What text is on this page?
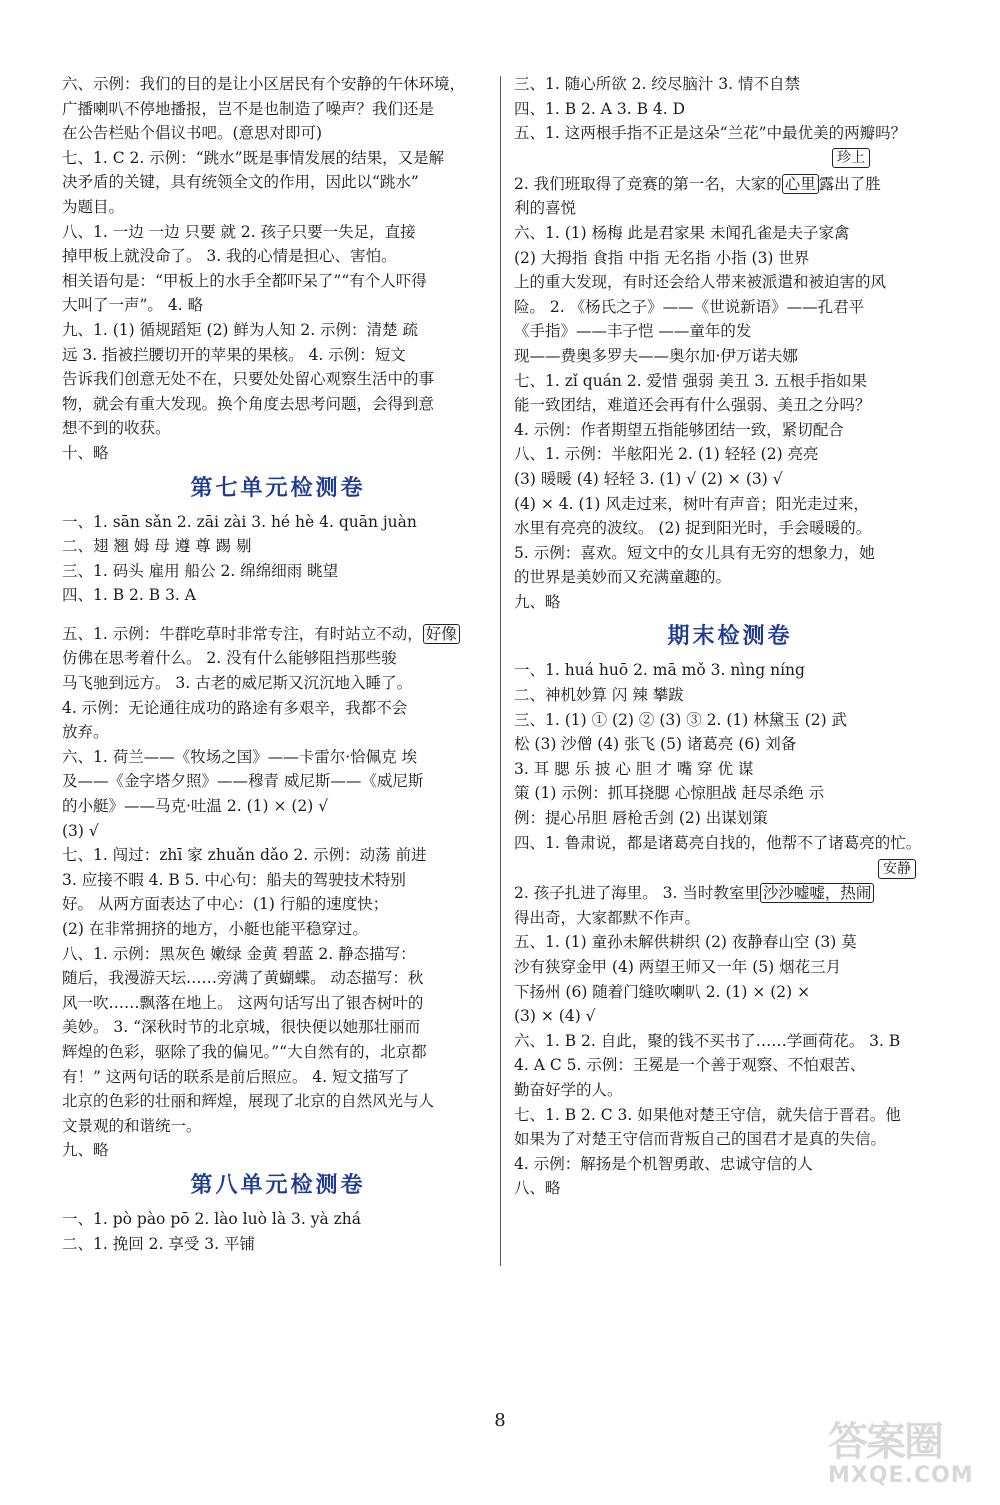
六、示例：我们的目的是让小区居民有个安静的午休环境，
广播喇叭不停地播报，岂不是也制造了噪声？我们还是
在公告栏贴个倡议书吧。(意思对即可)
七、1. C 2. 示例：“跳水”既是事情发展的结果，又是解
决矛盾的关键，具有统领全文的作用，因此以“跳水”
为题目。
八、1. 一边 一边 只要 就 2. 孩子只要一失足，直接
掉甲板上就没命了。 3. 我的心情是担心、害怕。
相关语句是：“甲板上的水手全都吓呆了”“有个人吓得
大叫了一声”。 4. 略
九、1. (1) 循规蹈矩 (2) 鲜为人知 2. 示例：清楚 疏
远 3. 指被拦腰切开的苹果的果核。 4. 示例：短文
告诉我们创意无处不在，只要处处留心观察生活中的事
物，就会有重大发现。换个角度去思考问题，会得到意
想不到的收获。
十、略
第七单元检测卷
一、1. sān sǎn 2. zāi zài 3. hé hè 4. quān juàn
二、翅 翘 姆 母 遵 尊 踢 剔
三、1. 码头 雇用 船公 2. 绵绵细雨 眺望
四、1. B 2. B 3. A
五、1. 示例：牛群吃草时非常专注，有时站立不动， 好像
仿佛在思考着什么。 2. 没有什么能够阻挡那些骏
马飞驰到远方。 3. 古老的威尼斯又沉沉地入睡了。
4. 示例：无论通往成功的路途有多艰辛，我都不会
放弃。
六、1. 荷兰——《牧场之国》——卡雷尔·恰佩克 埃
及——《金字塔夕照》——穆青 威尼斯——《威尼斯
的小艇》——马克·吐温 2. (1) × (2) √
(3) √
七、1. 闯过：zhī 家 zhuǎn dǎo 2. 示例：动荡 前进
3. 应接不暇 4. B 5. 中心句：船夫的驾驶技术特别
好。 从两方面表达了中心：(1) 行船的速度快；
(2) 在非常拥挤的地方，小艇也能平稳穿过。
八、1. 示例：黑灰色 嫩绿 金黄 碧蓝 2. 静态描写：
随后，我漫游天坛……旁满了黄蝴蝶。 动态描写：秋
风一吹……飘落在地上。 这两句话写出了银杏树叶的
美妙。 3. “深秋时节的北京城，很快便以她那壮丽而
辉煌的色彩，驱除了我的偏见。”“大自然有的，北京都
有！” 这两句话的联系是前后照应。 4. 短文描写了
北京的色彩的壮丽和辉煌，展现了北京的自然风光与人
文景观的和谐统一。
九、略
第八单元检测卷
一、1. pò pào pō 2. lào luò là 3. yà zhá
二、1. 挽回 2. 享受 3. 平铺
三、1. 随心所欲 2. 绞尽脑汁 3. 情不自禁
四、1. B 2. A 3. B 4. D
五、1. 这两根手指不正是这朵“兰花”中最优美的两瓣吗？
珍上
2. 我们班取得了竞赛的第一名，大家的 心里 露出了胜
利的喜悦
六、1. (1) 杨梅 此是君家果 未闻孔雀是夫子家禽
(2) 大拇指 食指 中指 无名指 小指 (3) 世界
上的重大发现，有时还会给人带来被派遣和被迫害的风
险。 2. 《杨氏之子》——《世说新语》——孔君平
《手指》——丰子恺 ——童年的发
现——费奥多罗夫——奥尔加·伊万诺夫娜
七、1. zǐ quán 2. 爱惜 强弱 美丑 3. 五根手指如果
能一致团结，难道还会再有什么强弱、美丑之分吗？
4. 示例：作者期望五指能够团结一致，紧切配合
八、1. 示例：半舷阳光 2. (1) 轻轻 (2) 亮亮
(3) 暖暖 (4) 轻轻 3. (1) √ (2) × (3) √
(4) × 4. (1) 风走过来，树叶有声音；阳光走过来，
水里有亮亮的波纹。 (2) 捉到阳光时，手会暖暖的。
5. 示例：喜欢。短文中的女儿具有无穷的想象力，她
的世界是美妙而又充满童趣的。
九、略
期末检测卷
一、1. huá huō 2. mā mǒ 3. nìng níng
二、神机妙算 闪 辣 攀跋
三、1. (1) ① (2) ② (3) ③ 2. (1) 林黛玉 (2) 武
松 (3) 沙僧 (4) 张飞 (5) 诸葛亮 (6) 刘备
3. 耳 腮 乐 披 心 胆 才 嘴 穿 优 谋
策 (1) 示例：抓耳挠腮 心惊胆战 赶尽杀绝 示
例：提心吊胆 唇枪舌剑 (2) 出谋划策
四、1. 鲁肃说，都是诸葛亮自找的，他帮不了诸葛亮的忙。
安静
2. 孩子扎进了海里。 3. 当时教室里 沙沙嘘嘘，热闹
得出奇，大家都默不作声。
五、1. (1) 童孙未解供耕织 (2) 夜静春山空 (3) 莫
沙有狭穿金甲 (4) 两望王师又一年 (5) 烟花三月
下扬州 (6) 随着门缝吹喇叭 2. (1) × (2) ×
(3) × (4) √
六、1. B 2. 自此，聚的钱不买书了……学画荷花。 3. B
4. A C 5. 示例：王冕是一个善于观察、不怕艰苦、
勤奋好学的人。
七、1. B 2. C 3. 如果他对楚王守信，就失信于晋君。他
如果为了对楚王守信而背叛自己的国君才是真的失信。
4. 示例：解扬是个机智勇敢、忠诚守信的人
八、略
8	答案圈
MXQE.COM
